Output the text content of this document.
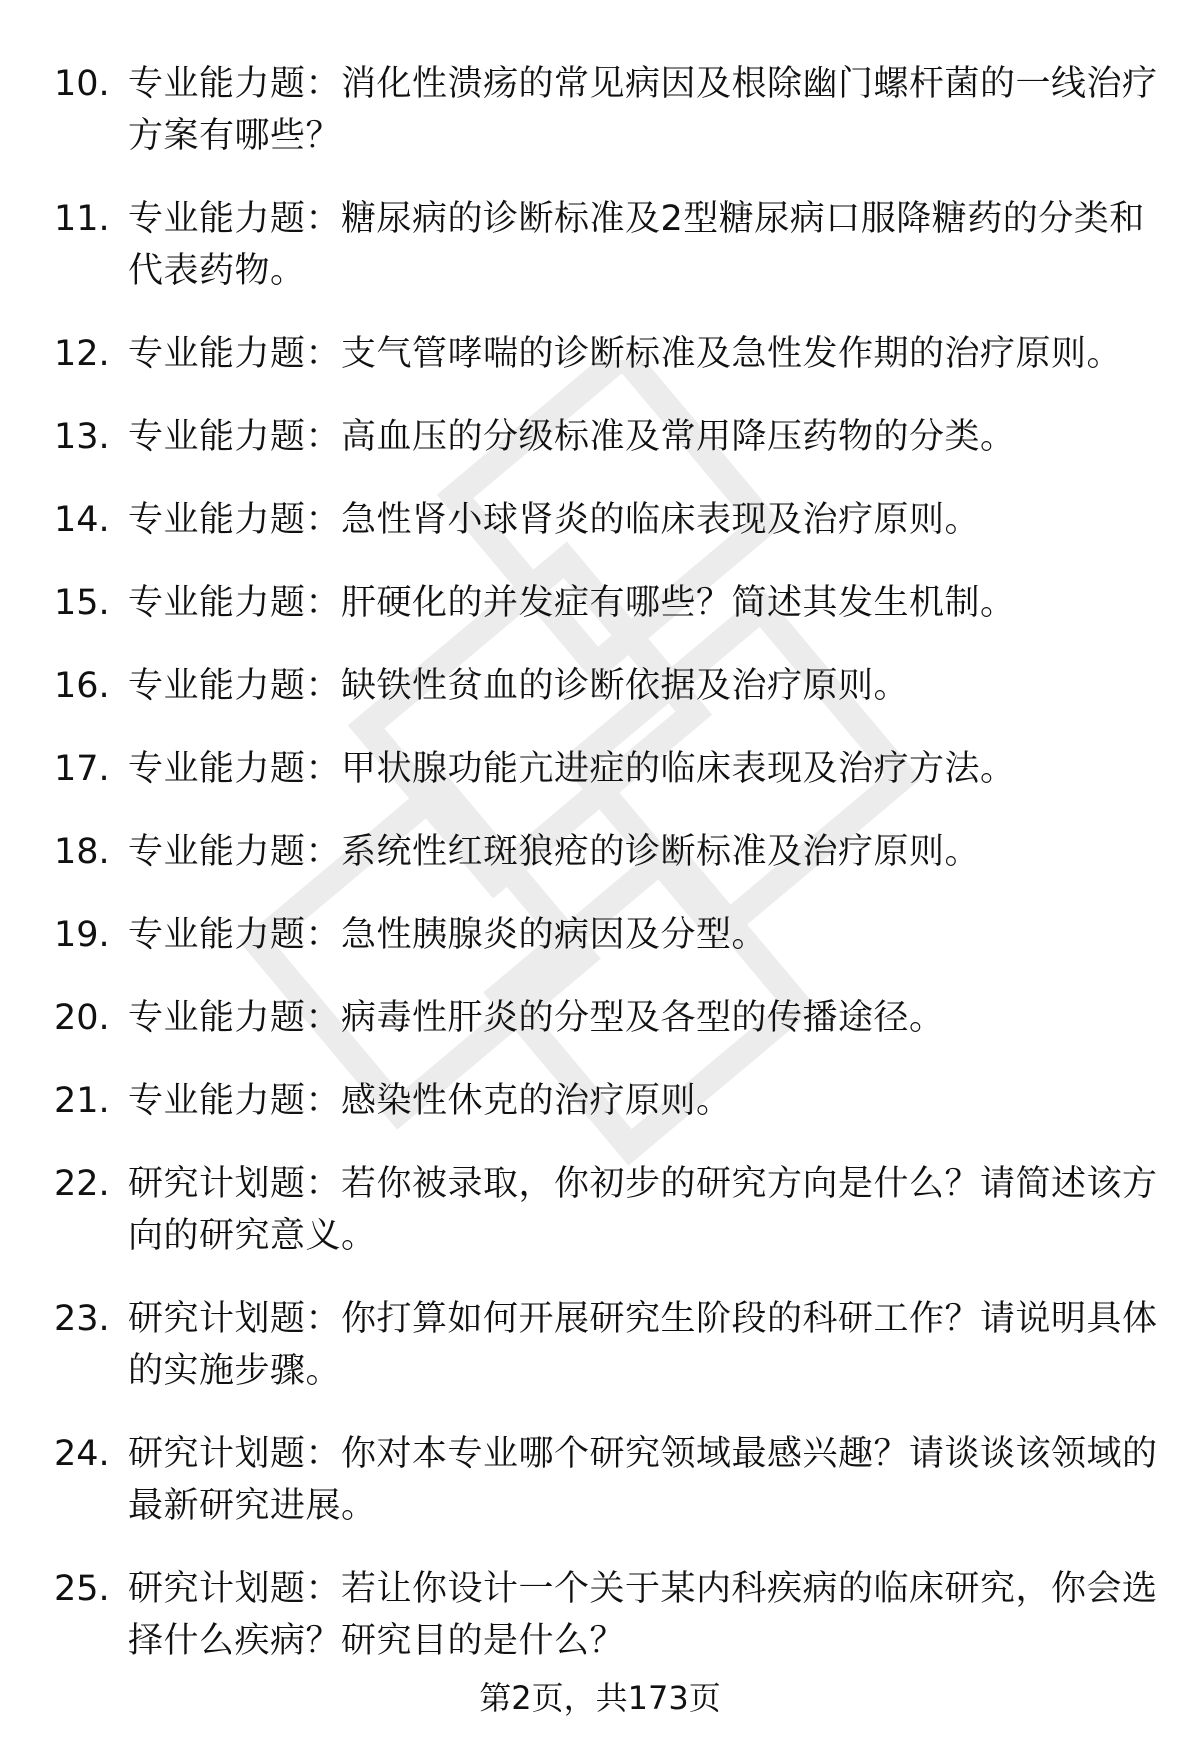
10. 专业能力题：消化性溃疡的常见病因及根除幽门螺杆菌的一线治疗方案有哪些？
11. 专业能力题：糖尿病的诊断标准及2型糖尿病口服降糖药的分类和代表药物。
12. 专业能力题：支气管哮喘的诊断标准及急性发作期的治疗原则。
13. 专业能力题：高血压的分级标准及常用降压药物的分类。
14. 专业能力题：急性肾小球肾炎的临床表现及治疗原则。
15. 专业能力题：肝硬化的并发症有哪些？简述其发生机制。
16. 专业能力题：缺铁性贫血的诊断依据及治疗原则。
17. 专业能力题：甲状腺功能亢进症的临床表现及治疗方法。
18. 专业能力题：系统性红斑狼疮的诊断标准及治疗原则。
19. 专业能力题：急性胰腺炎的病因及分型。
20. 专业能力题：病毒性肝炎的分型及各型的传播途径。
21. 专业能力题：感染性休克的治疗原则。
22. 研究计划题：若你被录取，你初步的研究方向是什么？请简述该方向的研究意义。
23. 研究计划题：你打算如何开展研究生阶段的科研工作？请说明具体的实施步骤。
24. 研究计划题：你对本专业哪个研究领域最感兴趣？请谈谈该领域的最新研究进展。
25. 研究计划题：若让你设计一个关于某内科疾病的临床研究，你会选择什么疾病？研究目的是什么？
第2页，共173页
